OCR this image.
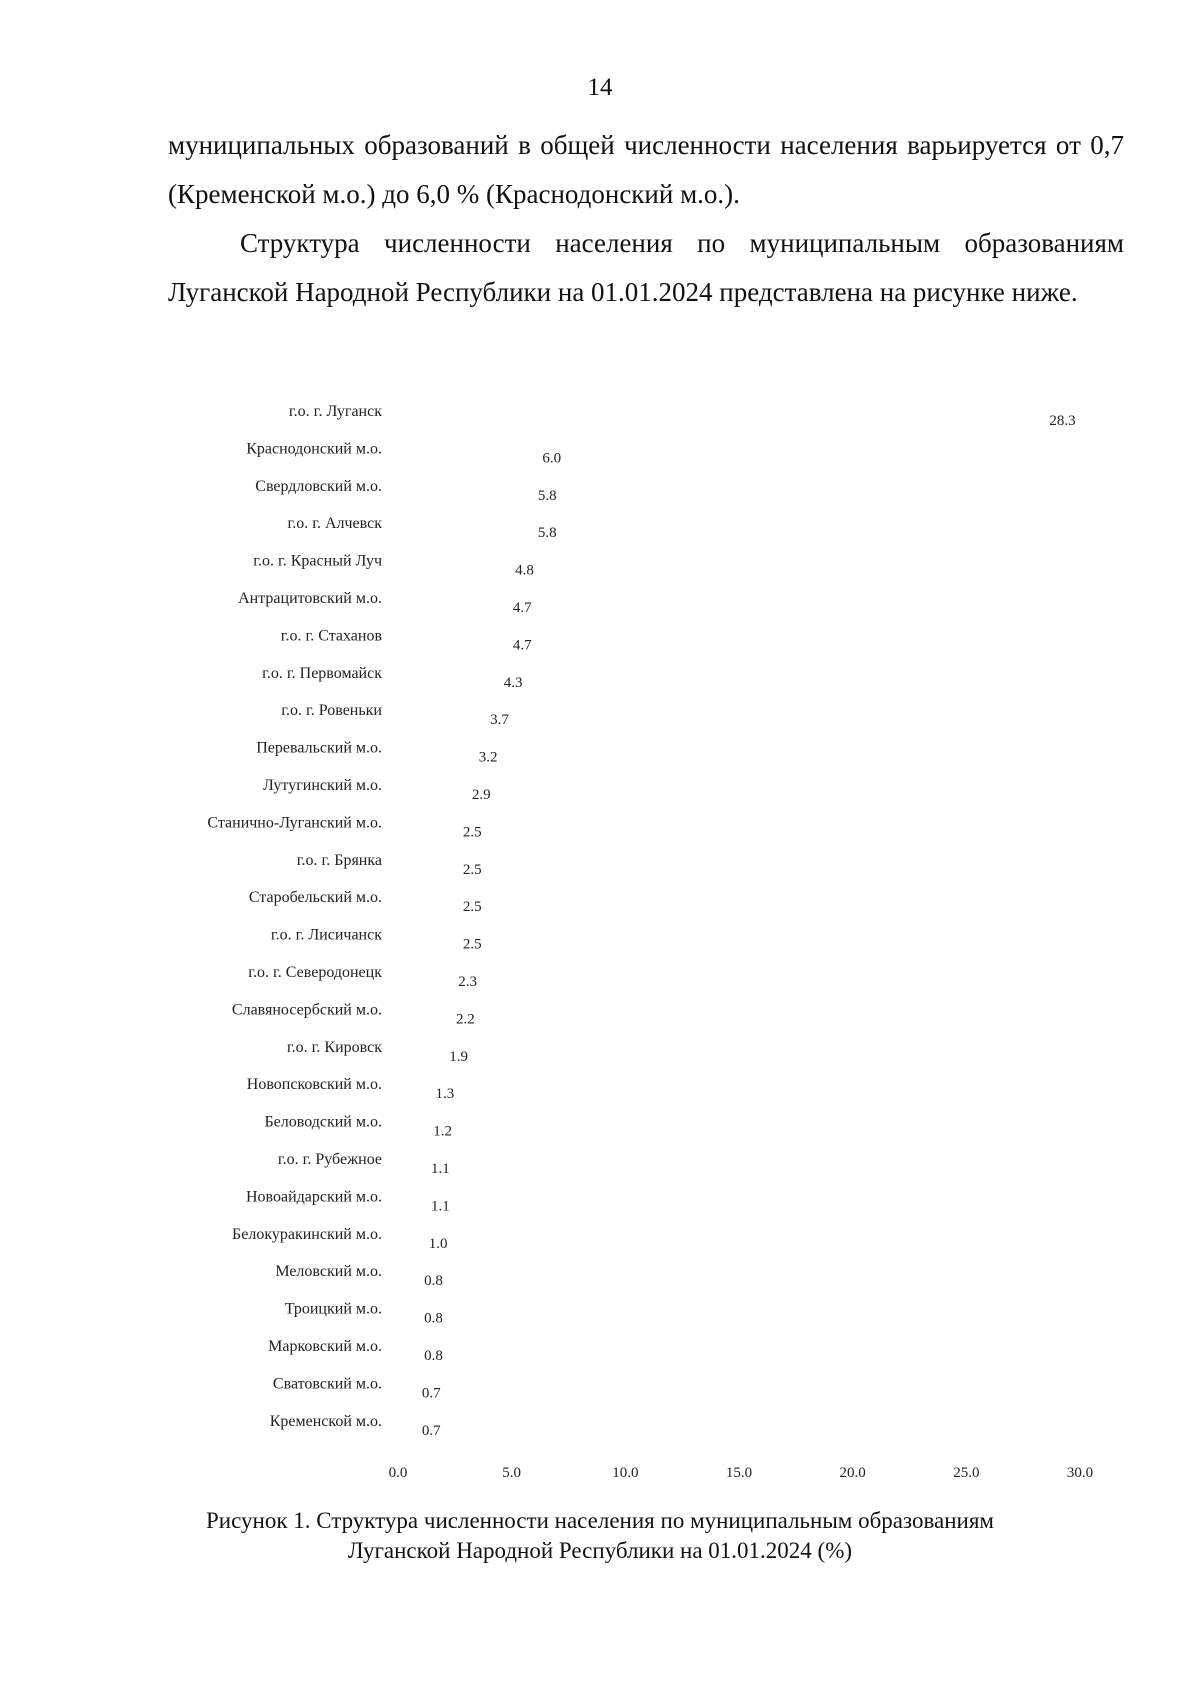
14

муниципальных образований в общей численности населения варьируется от 0,7 (Кременской м.о.) до 6,0 % (Краснодонский м.о.).

Структура численности населения по муниципальным образованиям Луганской Народной Республики на 01.01.2024 представлена на рисунке ниже.

г.о. г. Луганск
28.3
Краснодонский м.о.
6.0
Свердловский м.о.
5.8
г.о. г. Алчевск
5.8
г.о. г. Красный Луч
4.8
Антрацитовский м.о.
4.7
г.о. г. Стаханов
4.7
г.о. г. Первомайск
4.3
г.о. г. Ровеньки
3.7
Перевальский м.о.
3.2
Лутугинский м.о.
2.9
Станично-Луганский м.о.
2.5
г.о. г. Брянка
2.5
Старобельский м.о.
2.5
г.о. г. Лисичанск
2.5
г.о. г. Северодонецк
2.3
Славяносербский м.о.
2.2
г.о. г. Кировск
1.9
Новопсковский м.о.
1.3
Беловодский м.о.
1.2
г.о. г. Рубежное
1.1
Новоайдарский м.о.
1.1
Белокуракинский м.о.
1.0
Меловский м.о.
0.8
Троицкий м.о.
0.8
Марковский м.о.
0.8
Сватовский м.о.
0.7
Кременской м.о.
0.7
0.0	5.0	10.0	15.0	20.0	25.0	30.0
Рисунок 1. Структура численности населения по муниципальным образованиям
Луганской Народной Республики на 01.01.2024 (%)
